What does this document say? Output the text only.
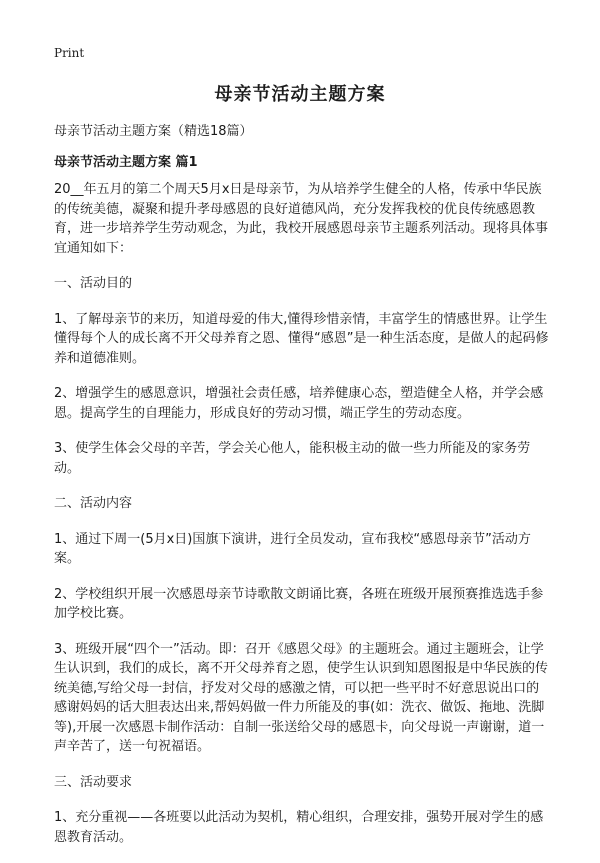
Print
母亲节活动主题方案
母亲节活动主题方案（精选18篇）
母亲节活动主题方案 篇1

20__年五月的第二个周天5月x日是母亲节，为从培养学生健全的人格，传承中华民族的传统美德，凝聚和提升孝母感恩的良好道德风尚，充分发挥我校的优良传统感恩教育，进一步培养学生劳动观念，为此，我校开展感恩母亲节主题系列活动。现将具体事宜通知如下：

一、活动目的

1、了解母亲节的来历，知道母爱的伟大,懂得珍惜亲情，丰富学生的情感世界。让学生懂得每个人的成长离不开父母养育之恩、懂得“感恩”是一种生活态度，是做人的起码修养和道德准则。

2、增强学生的感恩意识，增强社会责任感，培养健康心态，塑造健全人格，并学会感恩。提高学生的自理能力，形成良好的劳动习惯，端正学生的劳动态度。

3、使学生体会父母的辛苦，学会关心他人，能积极主动的做一些力所能及的家务劳动。

二、活动内容

1、通过下周一(5月x日)国旗下演讲，进行全员发动，宣布我校“感恩母亲节”活动方案。

2、学校组织开展一次感恩母亲节诗歌散文朗诵比赛，各班在班级开展预赛推选选手参加学校比赛。

3、班级开展“四个一”活动。即：召开《感恩父母》的主题班会。通过主题班会，让学生认识到，我们的成长，离不开父母养育之恩，使学生认识到知恩图报是中华民族的传统美德,写给父母一封信，抒发对父母的感激之情，可以把一些平时不好意思说出口的感谢妈妈的话大胆表达出来,帮妈妈做一件力所能及的事(如：洗衣、做饭、拖地、洗脚等),开展一次感恩卡制作活动：自制一张送给父母的感恩卡，向父母说一声谢谢，道一声辛苦了，送一句祝福语。

三、活动要求

1、充分重视——各班要以此活动为契机，精心组织，合理安排，强势开展对学生的感恩教育活动。
